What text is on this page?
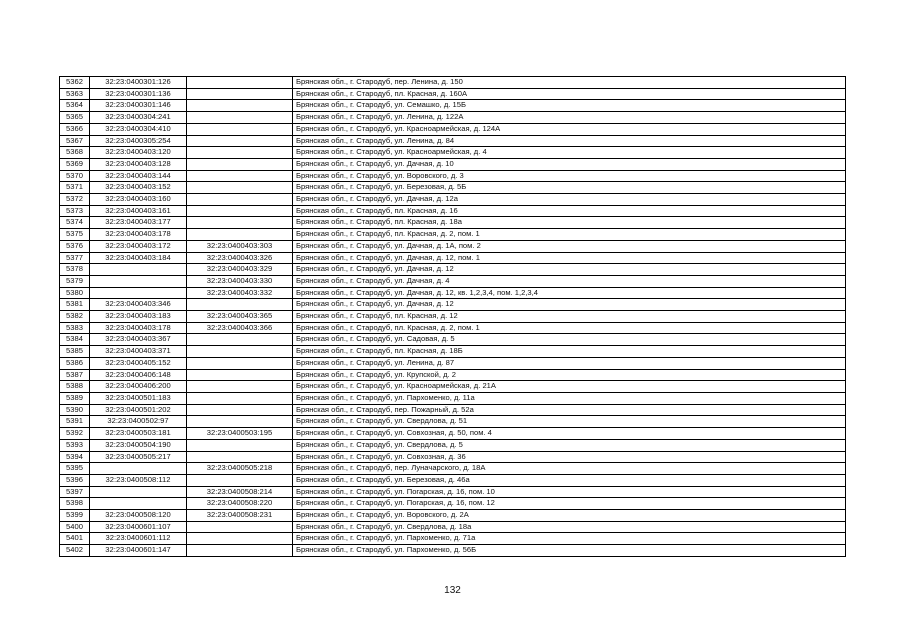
5362	32:23:0400301:126		Брянская обл., г. Стародуб, пер. Ленина, д. 150
5363	32:23:0400301:136		Брянская обл., г. Стародуб, пл. Красная, д. 160А
5364	32:23:0400301:146		Брянская обл., г. Стародуб, ул. Семашко, д. 15Б
5365	32:23:0400304:241		Брянская обл., г. Стародуб, ул. Ленина, д. 122А
5366	32:23:0400304:410		Брянская обл., г. Стародуб, ул. Красноармейская, д. 124А
5367	32:23:0400305:254		Брянская обл., г. Стародуб, ул. Ленина, д. 84
5368	32:23:0400403:120		Брянская обл., г. Стародуб, ул. Красноармейская, д. 4
5369	32:23:0400403:128		Брянская обл., г. Стародуб, ул. Дачная, д. 10
5370	32:23:0400403:144		Брянская обл., г. Стародуб, ул. Воровского, д. 3
5371	32:23:0400403:152		Брянская обл., г. Стародуб, ул. Березовая, д. 5Б
5372	32:23:0400403:160		Брянская обл., г. Стародуб, ул. Дачная, д. 12а
5373	32:23:0400403:161		Брянская обл., г. Стародуб, пл. Красная, д. 16
5374	32:23:0400403:177		Брянская обл., г. Стародуб, пл. Красная, д. 18а
5375	32:23:0400403:178		Брянская обл., г. Стародуб, пл. Красная, д. 2, пом. 1
5376	32:23:0400403:172	32:23:0400403:303	Брянская обл., г. Стародуб, ул. Дачная, д. 1А, пом. 2
5377	32:23:0400403:184	32:23:0400403:326	Брянская обл., г. Стародуб, ул. Дачная, д. 12, пом. 1
5378		32:23:0400403:329	Брянская обл., г. Стародуб, ул. Дачная, д. 12
5379		32:23:0400403:330	Брянская обл., г. Стародуб, ул. Дачная, д. 4
5380		32:23:0400403:332	Брянская обл., г. Стародуб, ул. Дачная, д. 12, кв. 1,2,3,4, пом. 1,2,3,4
5381	32:23:0400403:346		Брянская обл., г. Стародуб, ул. Дачная, д. 12
5382	32:23:0400403:183	32:23:0400403:365	Брянская обл., г. Стародуб, пл. Красная, д. 12
5383	32:23:0400403:178	32:23:0400403:366	Брянская обл., г. Стародуб, пл. Красная, д. 2, пом. 1
5384	32:23:0400403:367		Брянская обл., г. Стародуб, ул. Садовая, д. 5
5385	32:23:0400403:371		Брянская обл., г. Стародуб, пл. Красная, д. 18Б
5386	32:23:0400405:152		Брянская обл., г. Стародуб, ул. Ленина, д. 87
5387	32:23:0400406:148		Брянская обл., г. Стародуб, ул. Крупской, д. 2
5388	32:23:0400406:200		Брянская обл., г. Стародуб, ул. Красноармейская, д. 21А
5389	32:23:0400501:183		Брянская обл., г. Стародуб, ул. Пархоменко, д. 11а
5390	32:23:0400501:202		Брянская обл., г. Стародуб, пер. Пожарный, д. 52а
5391	32:23:0400502:97		Брянская обл., г. Стародуб, ул. Свердлова, д. 51
5392	32:23:0400503:181	32:23:0400503:195	Брянская обл., г. Стародуб, ул. Совхозная, д. 50, пом. 4
5393	32:23:0400504:190		Брянская обл., г. Стародуб, ул. Свердлова, д. 5
5394	32:23:0400505:217		Брянская обл., г. Стародуб, ул. Совхозная, д. 36
5395		32:23:0400505:218	Брянская обл., г. Стародуб, пер. Луначарского, д. 18А
5396	32:23:0400508:112		Брянская обл., г. Стародуб, ул. Березовая, д. 46а
5397		32:23:0400508:214	Брянская обл., г. Стародуб, ул. Погарская, д. 16, пом. 10
5398		32:23:0400508:220	Брянская обл., г. Стародуб, ул. Погарская, д. 16, пом. 12
5399	32:23:0400508:120	32:23:0400508:231	Брянская обл., г. Стародуб, ул. Воровского, д. 2А
5400	32:23:0400601:107		Брянская обл., г. Стародуб, ул. Свердлова, д. 18а
5401	32:23:0400601:112		Брянская обл., г. Стародуб, ул. Пархоменко, д. 71а
5402	32:23:0400601:147		Брянская обл., г. Стародуб, ул. Пархоменко, д. 56Б
132
